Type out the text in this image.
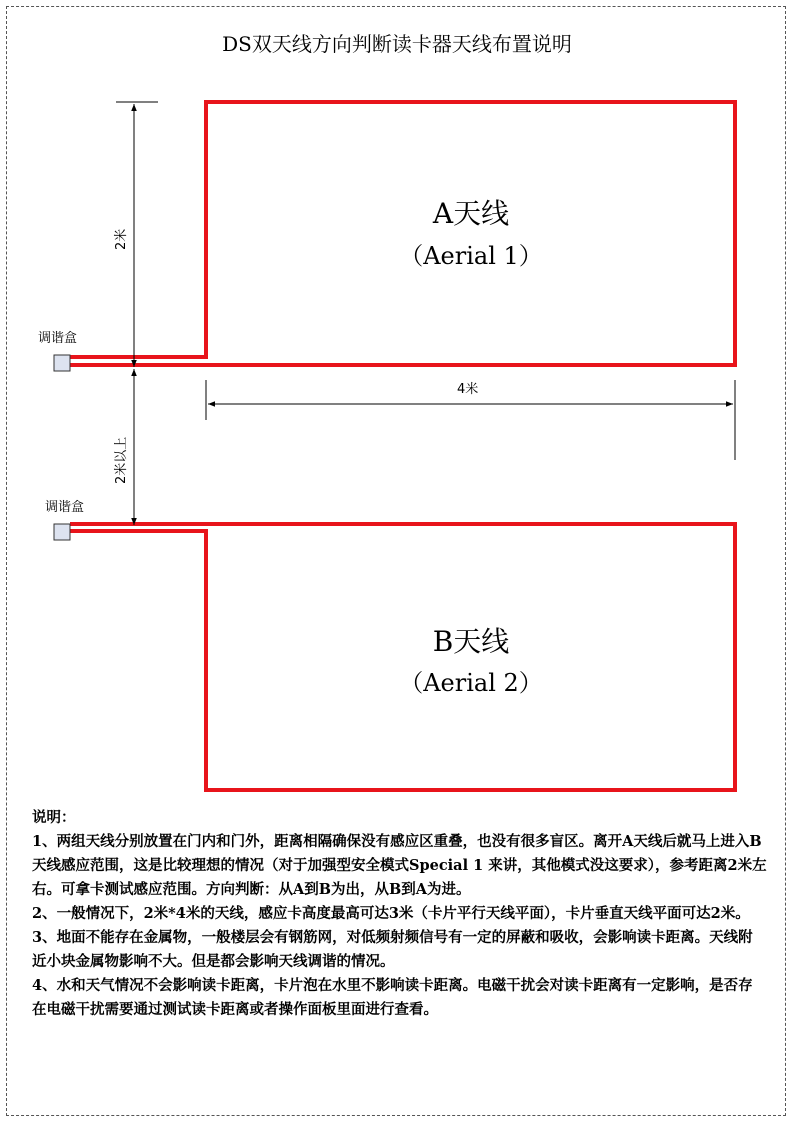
DS双天线方向判断读卡器天线布置说明
调谐盒
调谐盒
2米
2米以上
4米
A天线
（Aerial 1）
B天线
（Aerial 2）

说明：

1、两组天线分别放置在门内和门外，距离相隔确保没有感应区重叠，也没有很多盲区。离开A天线后就马上进入B天线感应范围，这是比较理想的情况（对于加强型安全模式Special 1 来讲，其他模式没这要求），参考距离2米左右。可拿卡测试感应范围。方向判断：从A到B为出，从B到A为进。

2、一般情况下，2米*4米的天线，感应卡高度最高可达3米（卡片平行天线平面），卡片垂直天线平面可达2米。

3、地面不能存在金属物，一般楼层会有钢筋网，对低频射频信号有一定的屏蔽和吸收，会影响读卡距离。天线附近小块金属物影响不大。但是都会影响天线调谐的情况。

4、水和天气情况不会影响读卡距离，卡片泡在水里不影响读卡距离。电磁干扰会对读卡距离有一定影响，是否存在电磁干扰需要通过测试读卡距离或者操作面板里面进行查看。
